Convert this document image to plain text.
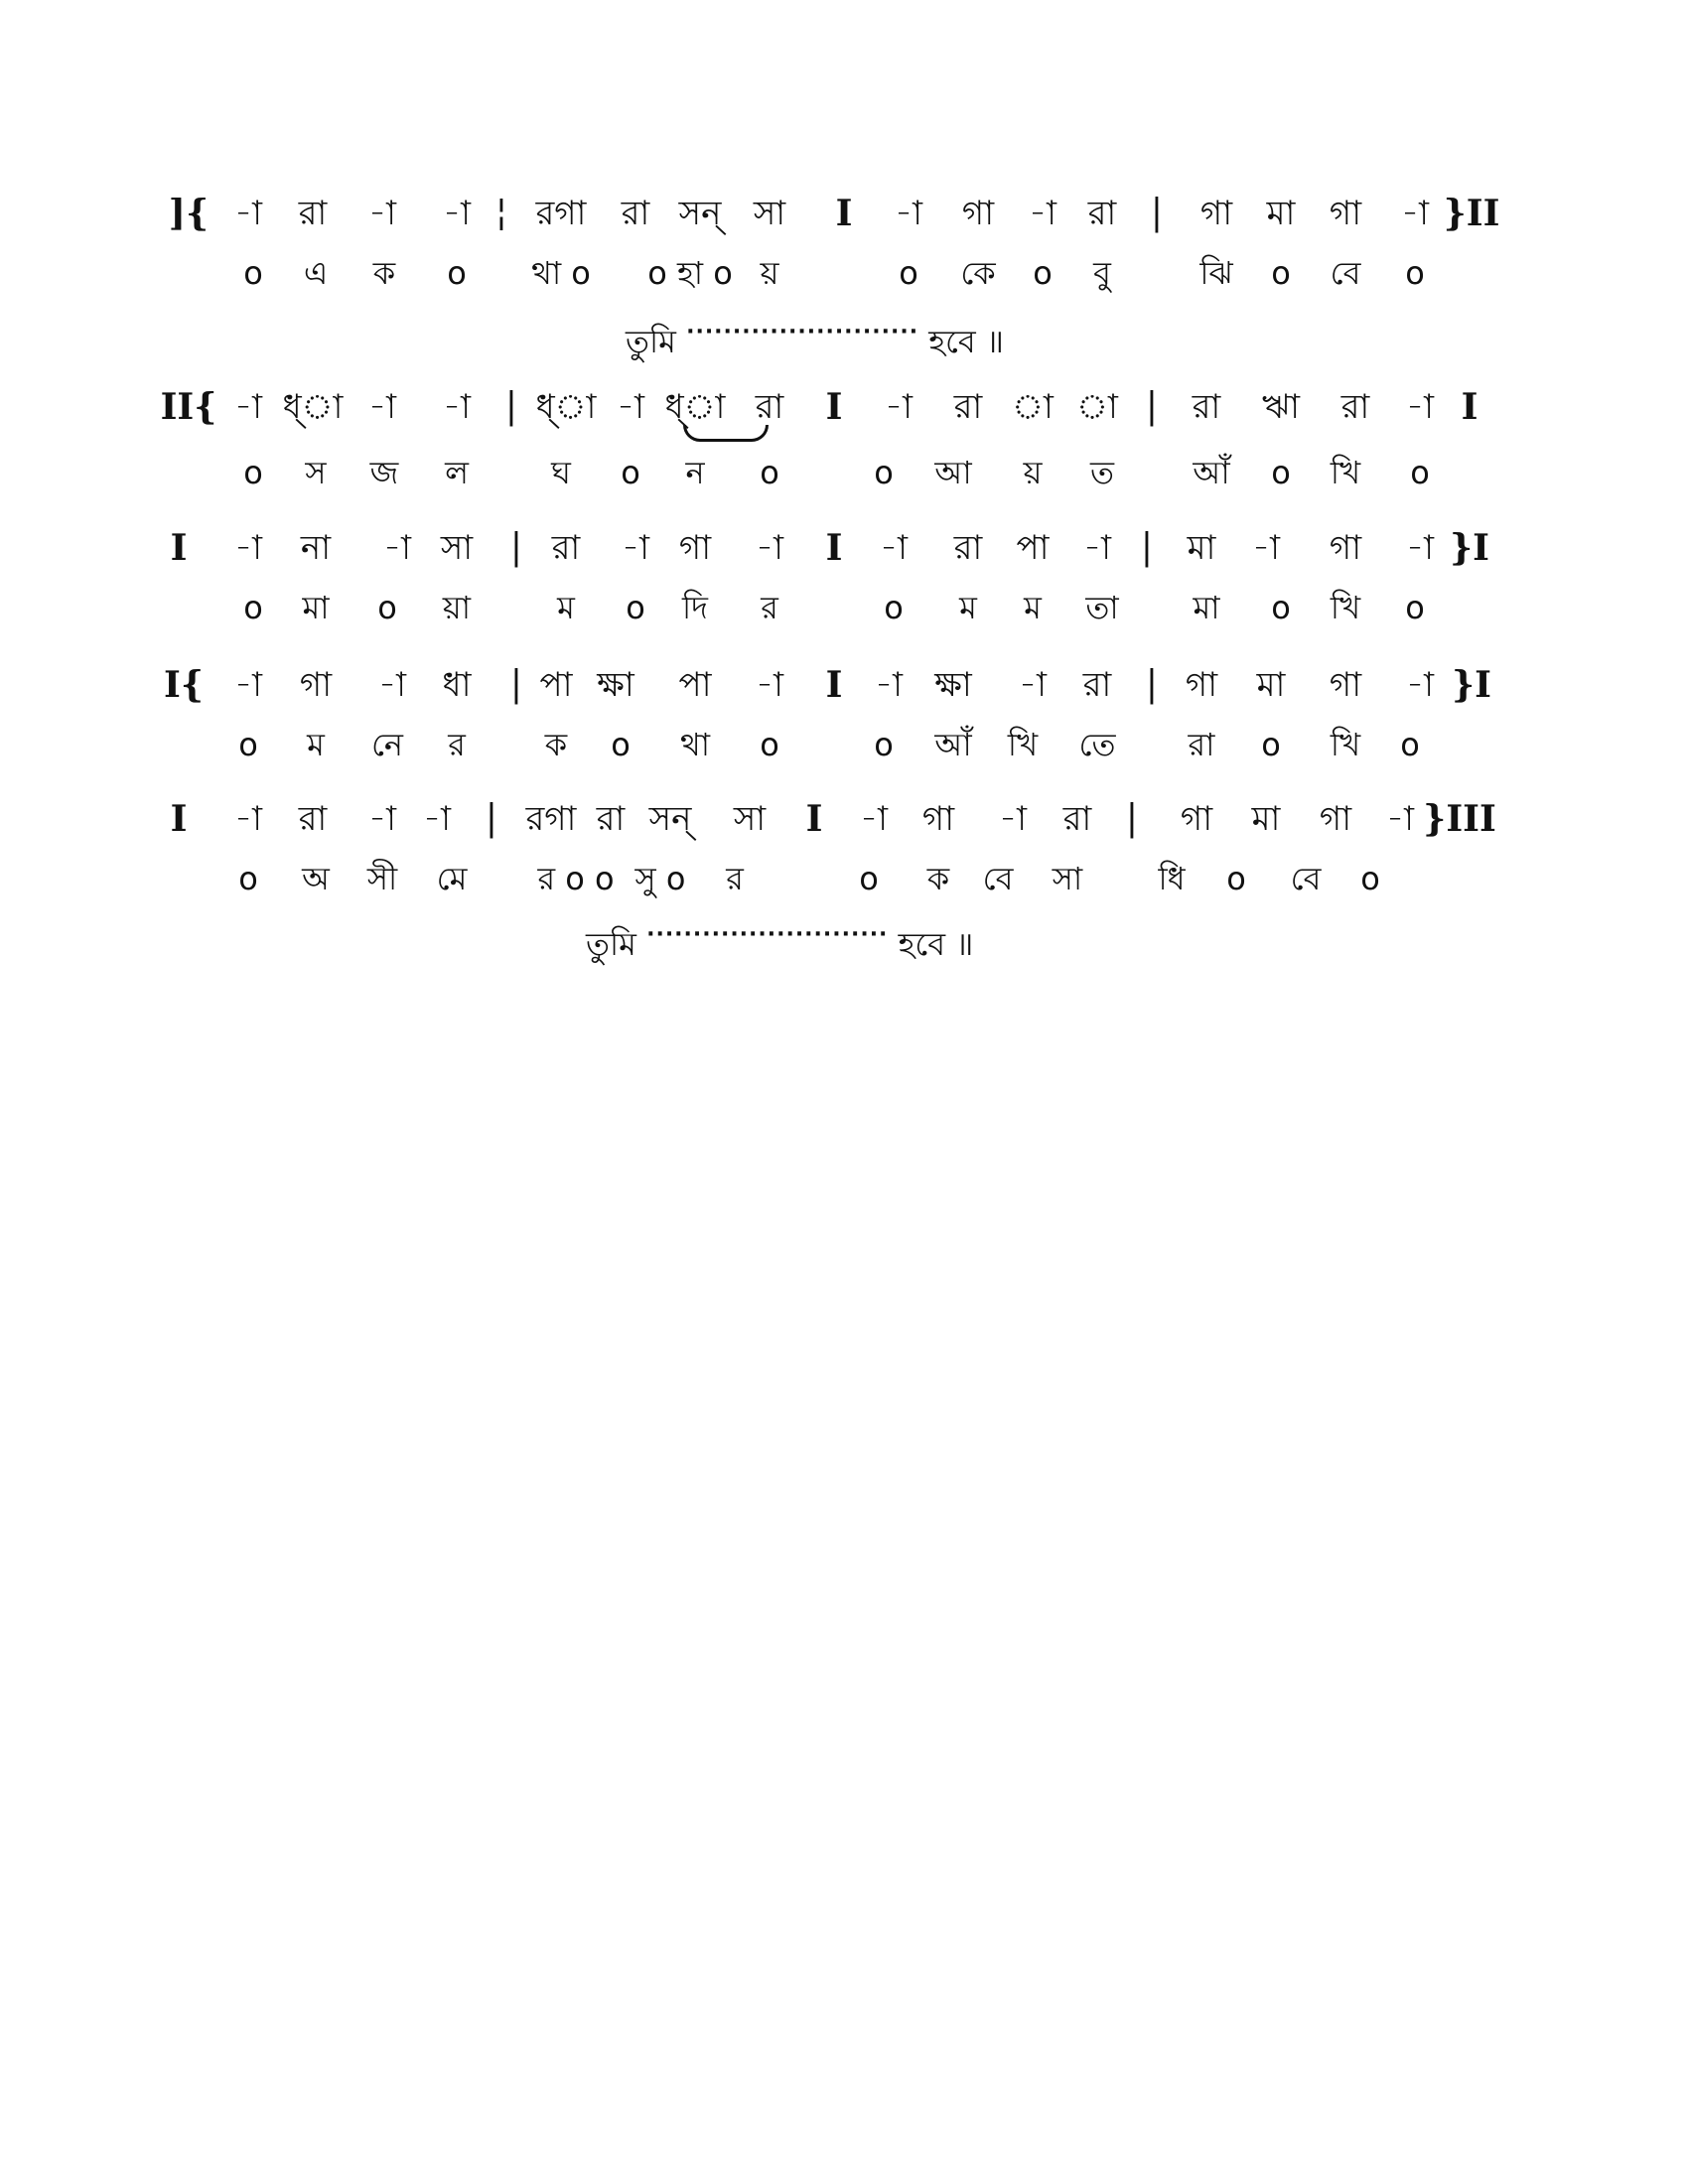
]{ -া রা -া -া ¦ রগা রা সন্ সা I -া গা -া রা | গা মা গা -া }II
o এ ক o থা o o হা o য়	o কে o বু	ঝি o বে o
তুমি ························· হবে ॥
II{ -া ধ্া -া -া | ধ্া -া ধ্া রা I -া রা া া | রা ঋা রা -া I
o স জ ল	ঘ o ন o	o আ য় ত আঁ o খি o
I -া না -া সা | রা -া গা -া I -া রা পা -া | মা -া গা -া }I
o মা o য়া	ম o দি র	o ম ম তা মা o খি o
I{ -া গা -া ধা | পা ক্ষা পা -া I -া ক্ষা -া রা | গা মা গা -া }I
o ম নে র	ক o থা o	o আঁ খি তে রা o খি o
I -া রা -া -া | রগা রা সন্ সা I -া গা -া রা | গা মা গা -া }III
o অ সী মে র o o সু o র	o ক বে সা ধি o বে o
তুমি ·························· হবে ॥
